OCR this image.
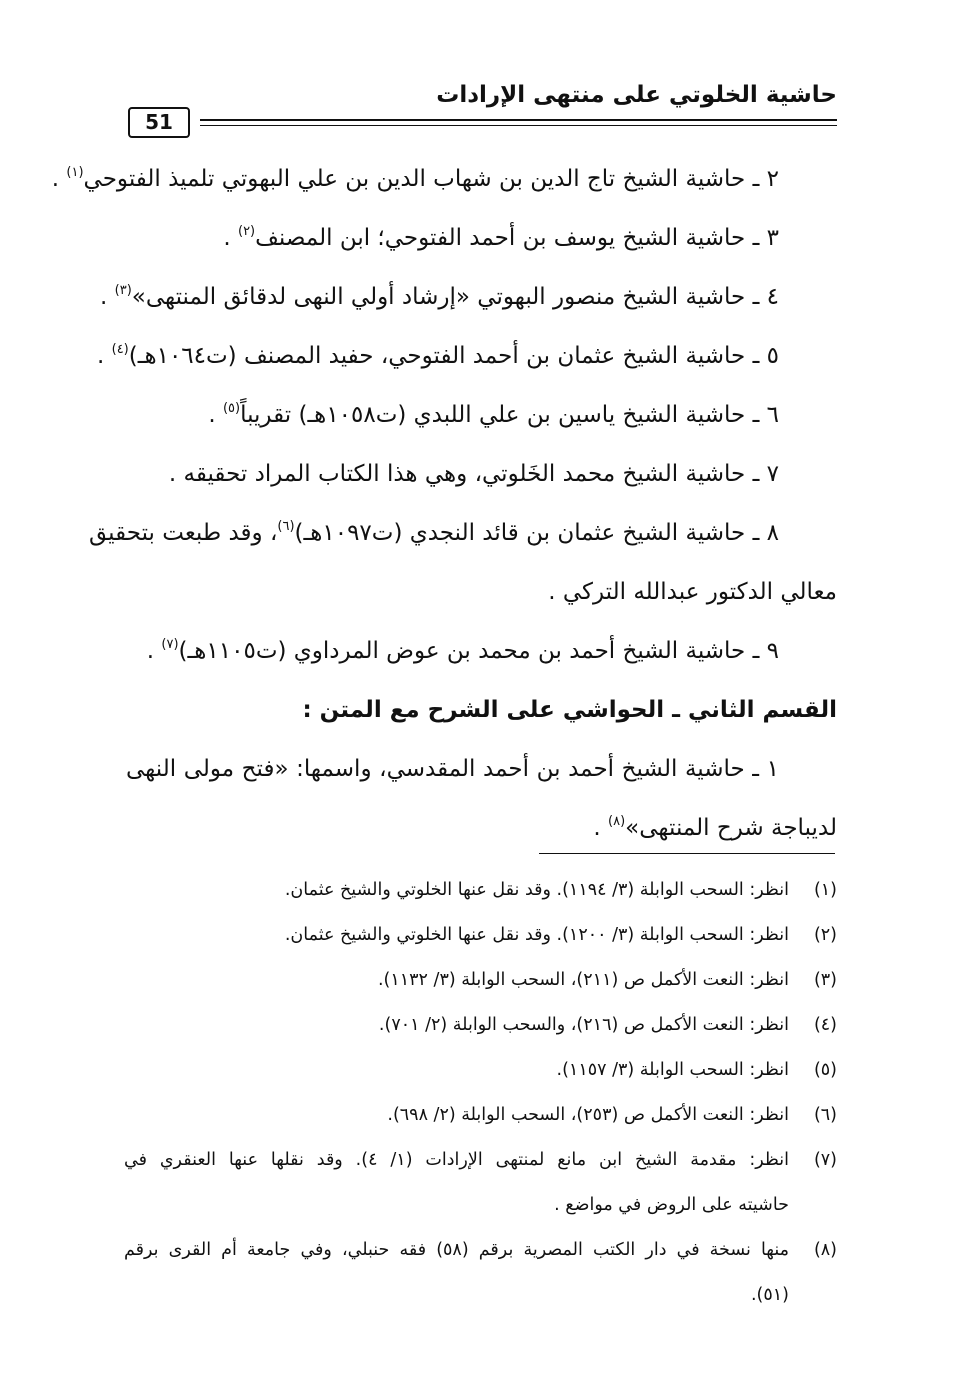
حاشية الخلوتي على منتهى الإرادات
51
٢ ـ حاشية الشيخ تاج الدين بن شهاب الدين بن علي البهوتي تلميذ الفتوحي$^{(١)}$ .
٣ ـ حاشية الشيخ يوسف بن أحمد الفتوحي؛ ابن المصنف$^{(٢)}$ .
٤ ـ حاشية الشيخ منصور البهوتي «إرشاد أولي النهى لدقائق المنتهى»$^{(٣)}$ .
٥ ـ حاشية الشيخ عثمان بن أحمد الفتوحي، حفيد المصنف (ت١٠٦٤هـ)$^{(٤)}$ .
٦ ـ حاشية الشيخ ياسين بن علي اللبدي (ت١٠٥٨هـ) تقريباً$^{(٥)}$ .
٧ ـ حاشية الشيخ محمد الخَلوتي، وهي هذا الكتاب المراد تحقيقه .
٨ ـ حاشية الشيخ عثمان بن قائد النجدي (ت١٠٩٧هـ)$^{(٦)}$، وقد طبعت بتحقيق
معالي الدكتور عبدالله التركي .
٩ ـ حاشية الشيخ أحمد بن محمد بن عوض المرداوي (ت١١٠٥هـ)$^{(٧)}$ .
القسم الثاني ـ الحواشي على الشرح مع المتن :
١ ـ حاشية الشيخ أحمد بن أحمد المقدسي، واسمها: «فتح مولى النهى
لديباجة شرح المنتهى»$^{(٨)}$ .
(١)
انظر: السحب الوابلة (٣/ ١١٩٤). وقد نقل عنها الخلوتي والشيخ عثمان.
(٢)
انظر: السحب الوابلة (٣/ ١٢٠٠). وقد نقل عنها الخلوتي والشيخ عثمان.
(٣)
انظر: النعت الأكمل ص (٢١١)، السحب الوابلة (٣/ ١١٣٢).
(٤)
انظر: النعت الأكمل ص (٢١٦)، والسحب الوابلة (٢/ ٧٠١).
(٥)
انظر: السحب الوابلة (٣/ ١١٥٧).
(٦)
انظر: النعت الأكمل ص (٢٥٣)، السحب الوابلة (٢/ ٦٩٨).
(٧)
انظر: مقدمة الشيخ ابن مانع لمنتهى الإرادات (١/ ٤). وقد نقلها عنها العنقري في
حاشيته على الروض في مواضع .
(٨)
منها نسخة في دار الكتب المصرية برقم (٥٨) فقه حنبلي، وفي جامعة أم القرى برقم
(٥١).
